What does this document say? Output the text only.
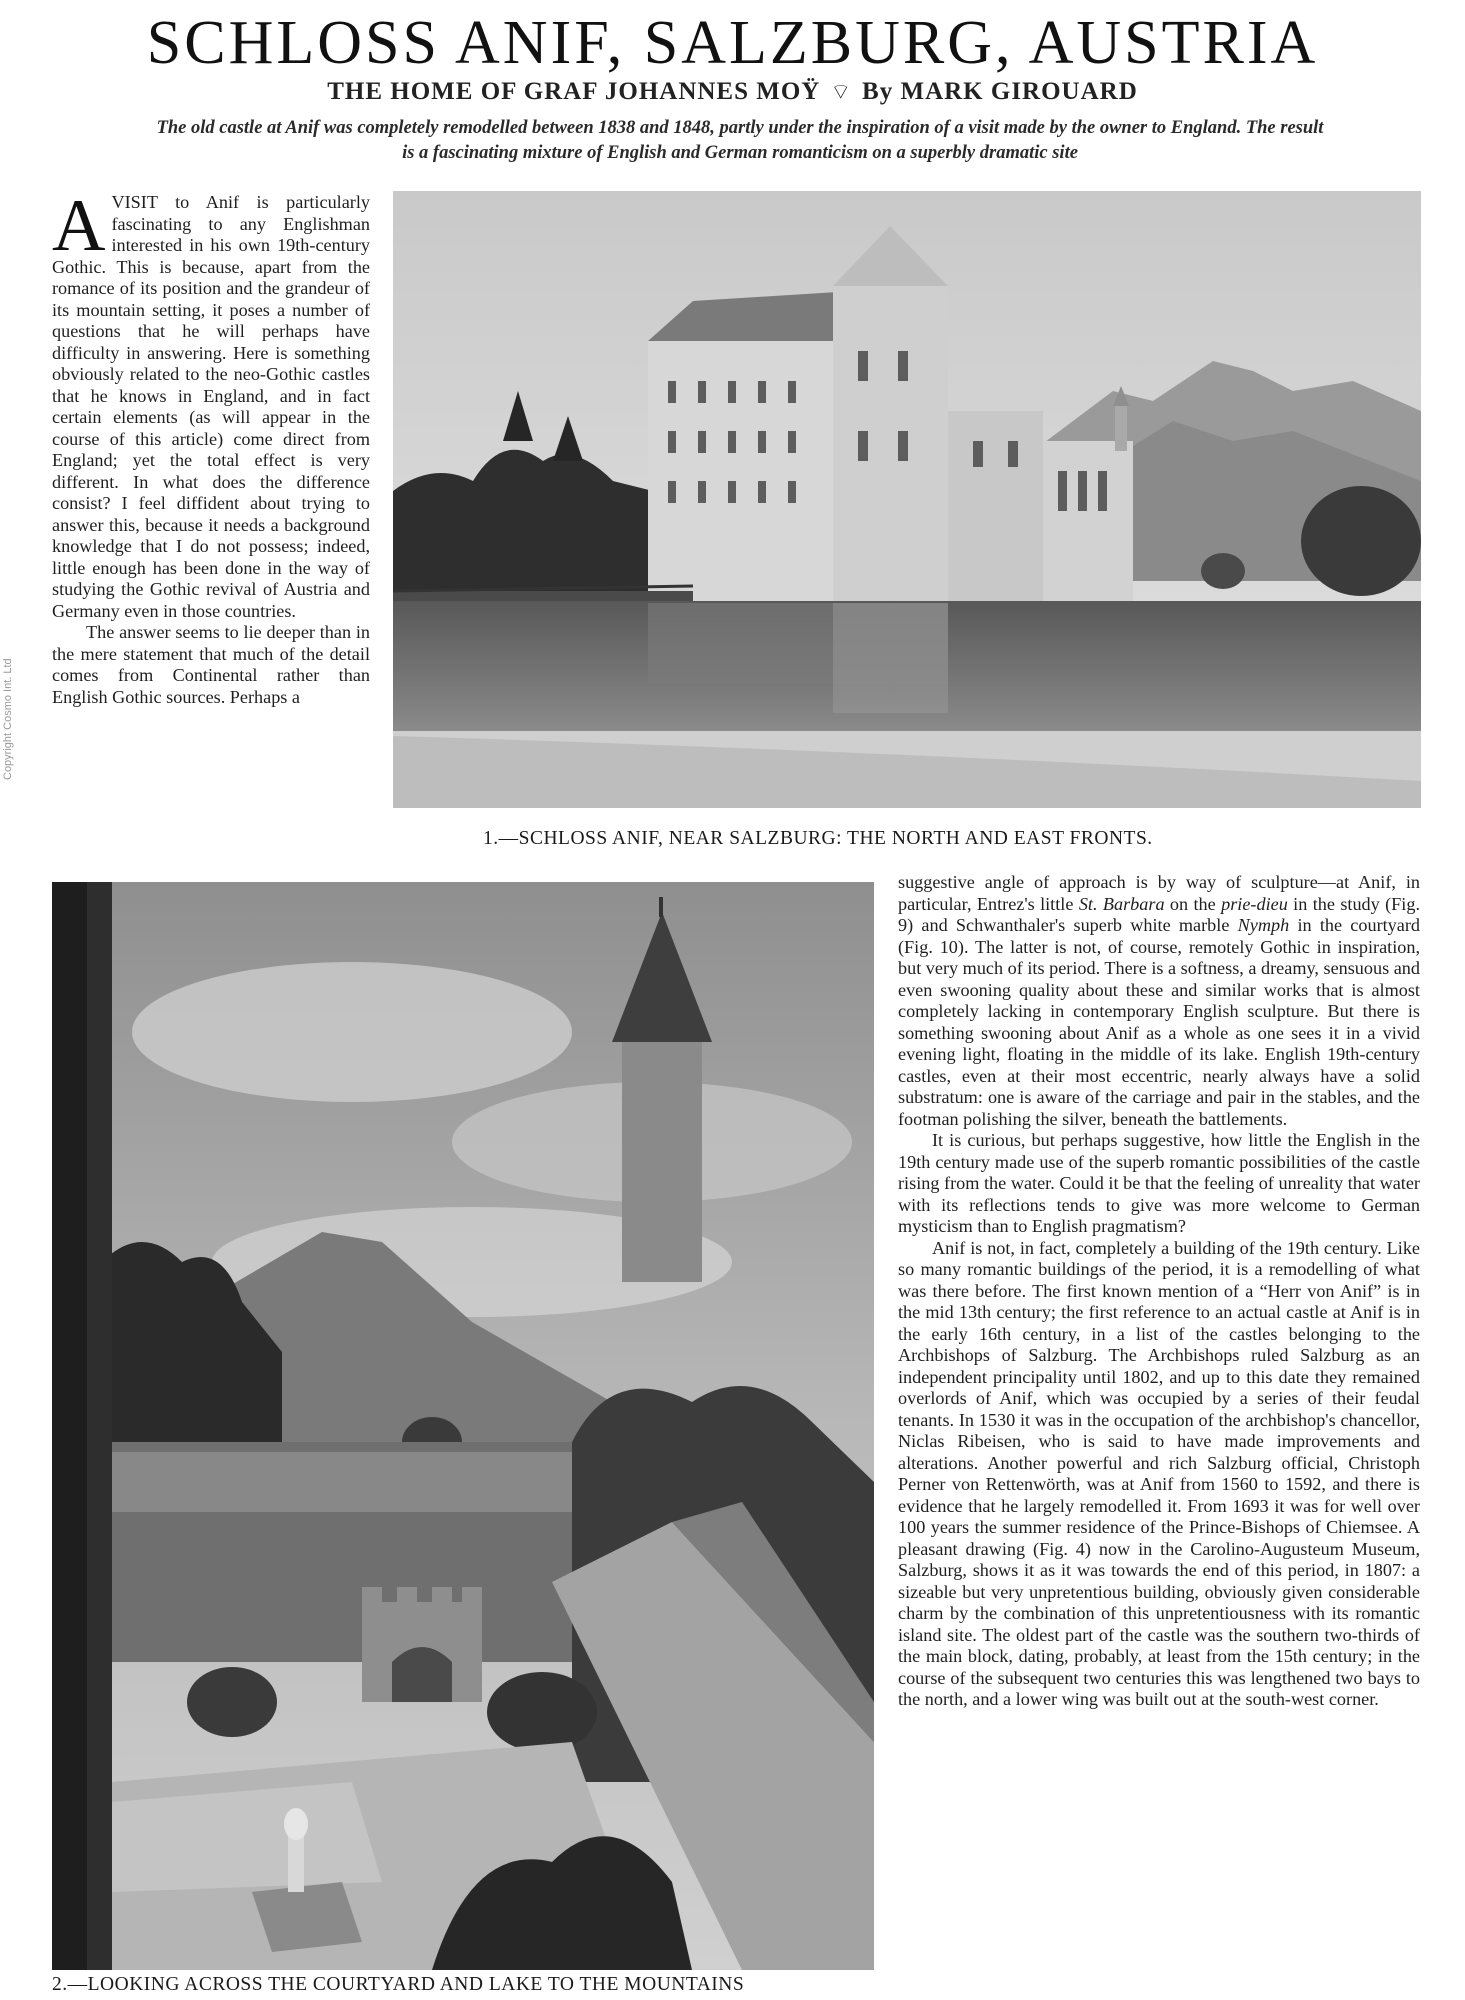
SCHLOSS ANIF, SALZBURG, AUSTRIA
THE HOME OF GRAF JOHANNES MOŸ ⌔ By MARK GIROUARD
The old castle at Anif was completely remodelled between 1838 and 1848, partly under the inspiration of a visit made by the owner to England. The result is a fascinating mixture of English and German romanticism on a superbly dramatic site
Copyright Cosmo Int. Ltd

A VISIT to Anif is particularly fascinating to any Englishman interested in his own 19th-century Gothic. This is because, apart from the romance of its position and the grandeur of its mountain setting, it poses a number of questions that he will perhaps have difficulty in answering. Here is something obviously related to the neo-Gothic castles that he knows in England, and in fact certain elements (as will appear in the course of this article) come direct from England; yet the total effect is very different. In what does the difference consist? I feel diffident about trying to answer this, because it needs a background knowledge that I do not possess; indeed, little enough has been done in the way of studying the Gothic revival of Austria and Germany even in those countries.

The answer seems to lie deeper than in the mere statement that much of the detail comes from Continental rather than English Gothic sources. Perhaps a

1.—SCHLOSS ANIF, NEAR SALZBURG: THE NORTH AND EAST FRONTS.

suggestive angle of approach is by way of sculpture—at Anif, in particular, Entrez's little St. Barbara on the prie-dieu in the study (Fig. 9) and Schwanthaler's superb white marble Nymph in the courtyard (Fig. 10). The latter is not, of course, remotely Gothic in inspiration, but very much of its period. There is a softness, a dreamy, sensuous and even swooning quality about these and similar works that is almost completely lacking in contemporary English sculpture. But there is something swooning about Anif as a whole as one sees it in a vivid evening light, floating in the middle of its lake. English 19th-century castles, even at their most eccentric, nearly always have a solid substratum: one is aware of the carriage and pair in the stables, and the footman polishing the silver, beneath the battlements.

It is curious, but perhaps suggestive, how little the English in the 19th century made use of the superb romantic possibilities of the castle rising from the water. Could it be that the feeling of unreality that water with its reflections tends to give was more welcome to German mysticism than to English pragmatism?

Anif is not, in fact, completely a building of the 19th century. Like so many romantic buildings of the period, it is a remodelling of what was there before. The first known mention of a “Herr von Anif” is in the mid 13th century; the first reference to an actual castle at Anif is in the early 16th century, in a list of the castles belonging to the Archbishops of Salzburg. The Archbishops ruled Salzburg as an independent principality until 1802, and up to this date they remained overlords of Anif, which was occupied by a series of their feudal tenants. In 1530 it was in the occupation of the archbishop's chancellor, Niclas Ribeisen, who is said to have made improvements and alterations. Another powerful and rich Salzburg official, Christoph Perner von Rettenwörth, was at Anif from 1560 to 1592, and there is evidence that he largely remodelled it. From 1693 it was for well over 100 years the summer residence of the Prince-Bishops of Chiemsee. A pleasant drawing (Fig. 4) now in the Carolino-Augusteum Museum, Salzburg, shows it as it was towards the end of this period, in 1807: a sizeable but very unpretentious building, obviously given considerable charm by the combination of this unpretentiousness with its romantic island site. The oldest part of the castle was the southern two-thirds of the main block, dating, probably, at least from the 15th century; in the course of the subsequent two centuries this was lengthened two bays to the north, and a lower wing was built out at the south-west corner.

2.—LOOKING ACROSS THE COURTYARD AND LAKE TO THE MOUNTAINS
